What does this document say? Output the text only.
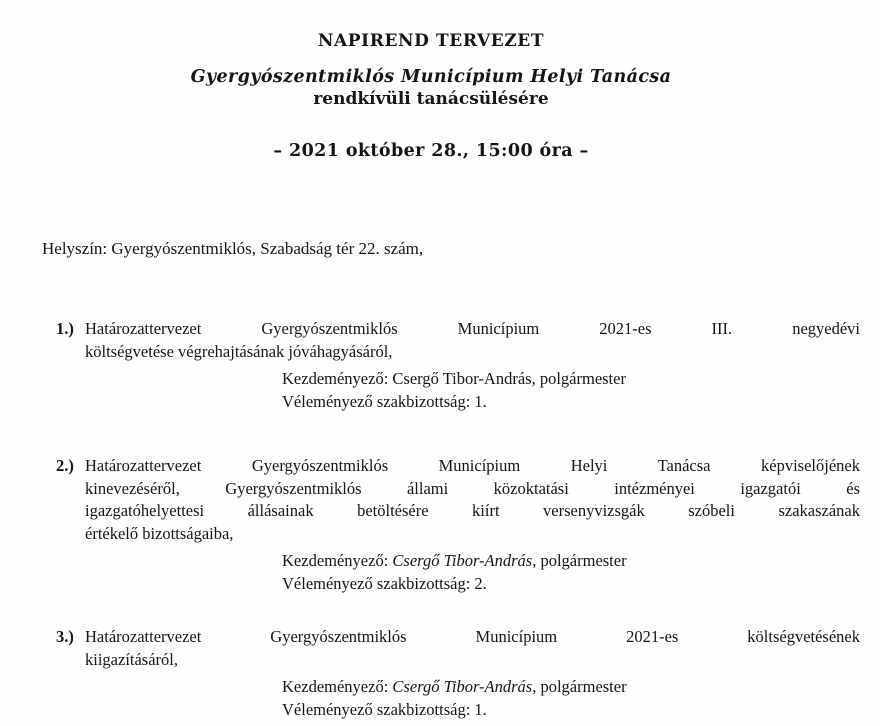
NAPIREND TERVEZET
Gyergyószentmiklós Municípium Helyi Tanácsa
rendkívüli tanácsülésére
– 2021 október 28., 15:00 óra –
Helyszín: Gyergyószentmiklós, Szabadság tér 22. szám,
1.) Határozattervezet Gyergyószentmiklós Municípium 2021-es III. negyedévi
költségvetése végrehajtásának jóváhagyásáról,
Kezdeményező: Csergő Tibor-András, polgármester
Véleményező szakbizottság: 1.
2.) Határozattervezet Gyergyószentmiklós Municípium Helyi Tanácsa képviselőjének
kinevezéséről, Gyergyószentmiklós állami közoktatási intézményei igazgatói és
igazgatóhelyettesi állásainak betöltésére kiírt versenyvizsgák szóbeli szakaszának
értékelő bizottságaiba,
Kezdeményező: Csergő Tibor-András, polgármester
Véleményező szakbizottság: 2.
3.) Határozattervezet Gyergyószentmiklós Municípium 2021-es költségvetésének
kiigazításáról,
Kezdeményező: Csergő Tibor-András, polgármester
Véleményező szakbizottság: 1.
